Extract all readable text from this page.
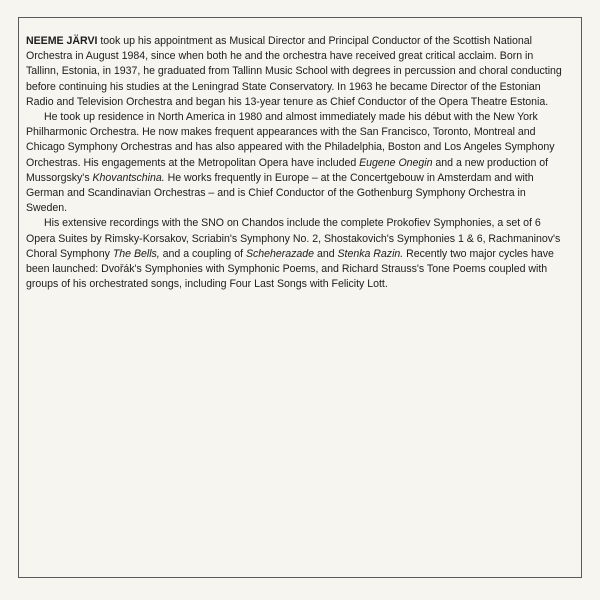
NEEME JÄRVI took up his appointment as Musical Director and Principal Conductor of the Scottish National Orchestra in August 1984, since when both he and the orchestra have received great critical acclaim. Born in Tallinn, Estonia, in 1937, he graduated from Tallinn Music School with degrees in percussion and choral conducting before continuing his studies at the Leningrad State Conservatory. In 1963 he became Director of the Estonian Radio and Television Orchestra and began his 13-year tenure as Chief Conductor of the Opera Theatre Estonia.

He took up residence in North America in 1980 and almost immediately made his début with the New York Philharmonic Orchestra. He now makes frequent appearances with the San Francisco, Toronto, Montreal and Chicago Symphony Orchestras and has also appeared with the Philadelphia, Boston and Los Angeles Symphony Orchestras. His engagements at the Metropolitan Opera have included Eugene Onegin and a new production of Mussorgsky's Khovantschina. He works frequently in Europe – at the Concertgebouw in Amsterdam and with German and Scandinavian Orchestras – and is Chief Conductor of the Gothenburg Symphony Orchestra in Sweden.

His extensive recordings with the SNO on Chandos include the complete Prokofiev Symphonies, a set of 6 Opera Suites by Rimsky-Korsakov, Scriabin's Symphony No. 2, Shostakovich's Symphonies 1 & 6, Rachmaninov's Choral Symphony The Bells, and a coupling of Scheherazade and Stenka Razin. Recently two major cycles have been launched: Dvořák's Symphonies with Symphonic Poems, and Richard Strauss's Tone Poems coupled with groups of his orchestrated songs, including Four Last Songs with Felicity Lott.
